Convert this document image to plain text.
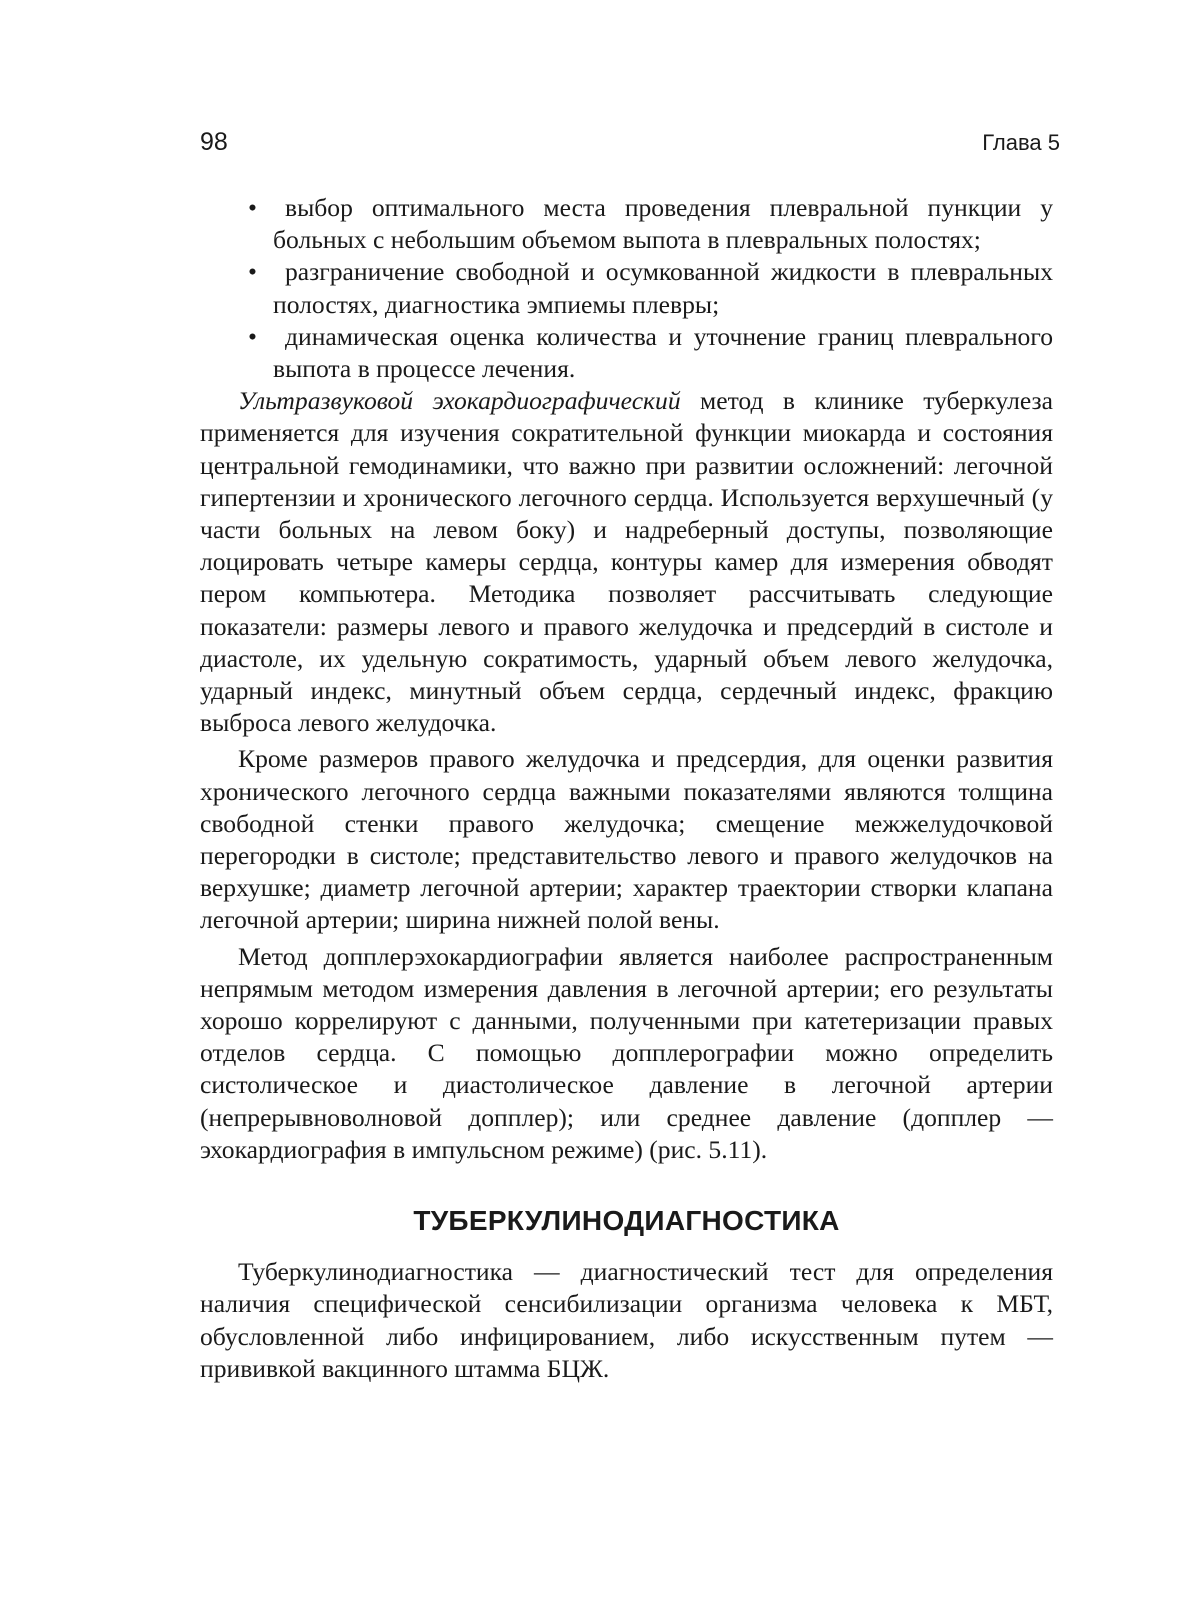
98	Глава 5
• выбор оптимального места проведения плевральной пункции у больных с небольшим объемом выпота в плевральных полостях;
• разграничение свободной и осумкованной жидкости в плевральных полостях, диагностика эмпиемы плевры;
• динамическая оценка количества и уточнение границ плеврального выпота в процессе лечения.

Ультразвуковой эхокардиографический метод в клинике туберкулеза применяется для изучения сократительной функции миокарда и состояния центральной гемодинамики, что важно при развитии осложнений: легочной гипертензии и хронического легочного сердца. Используется верхушечный (у части больных на левом боку) и надреберный доступы, позволяющие лоцировать четыре камеры сердца, контуры камер для измерения обводят пером компьютера. Методика позволяет рассчитывать следующие показатели: размеры левого и правого желудочка и предсердий в систоле и диастоле, их удельную сократимость, ударный объем левого желудочка, ударный индекс, минутный объем сердца, сердечный индекс, фракцию выброса левого желудочка.

Кроме размеров правого желудочка и предсердия, для оценки развития хронического легочного сердца важными показателями являются толщина свободной стенки правого желудочка; смещение межжелудочковой перегородки в систоле; представительство левого и правого желудочков на верхушке; диаметр легочной артерии; характер траектории створки клапана легочной артерии; ширина нижней полой вены.

Метод допплерэхокардиографии является наиболее распространенным непрямым методом измерения давления в легочной артерии; его результаты хорошо коррелируют с данными, полученными при катетеризации правых отделов сердца. С помощью допплерографии можно определить систолическое и диастолическое давление в легочной артерии (непрерывноволновой допплер); или среднее давление (допплер — эхокардиография в импульсном режиме) (рис. 5.11).

ТУБЕРКУЛИНОДИАГНОСТИКА

Туберкулинодиагностика — диагностический тест для определения наличия специфической сенсибилизации организма человека к МБТ, обусловленной либо инфицированием, либо искусственным путем — прививкой вакцинного штамма БЦЖ.
